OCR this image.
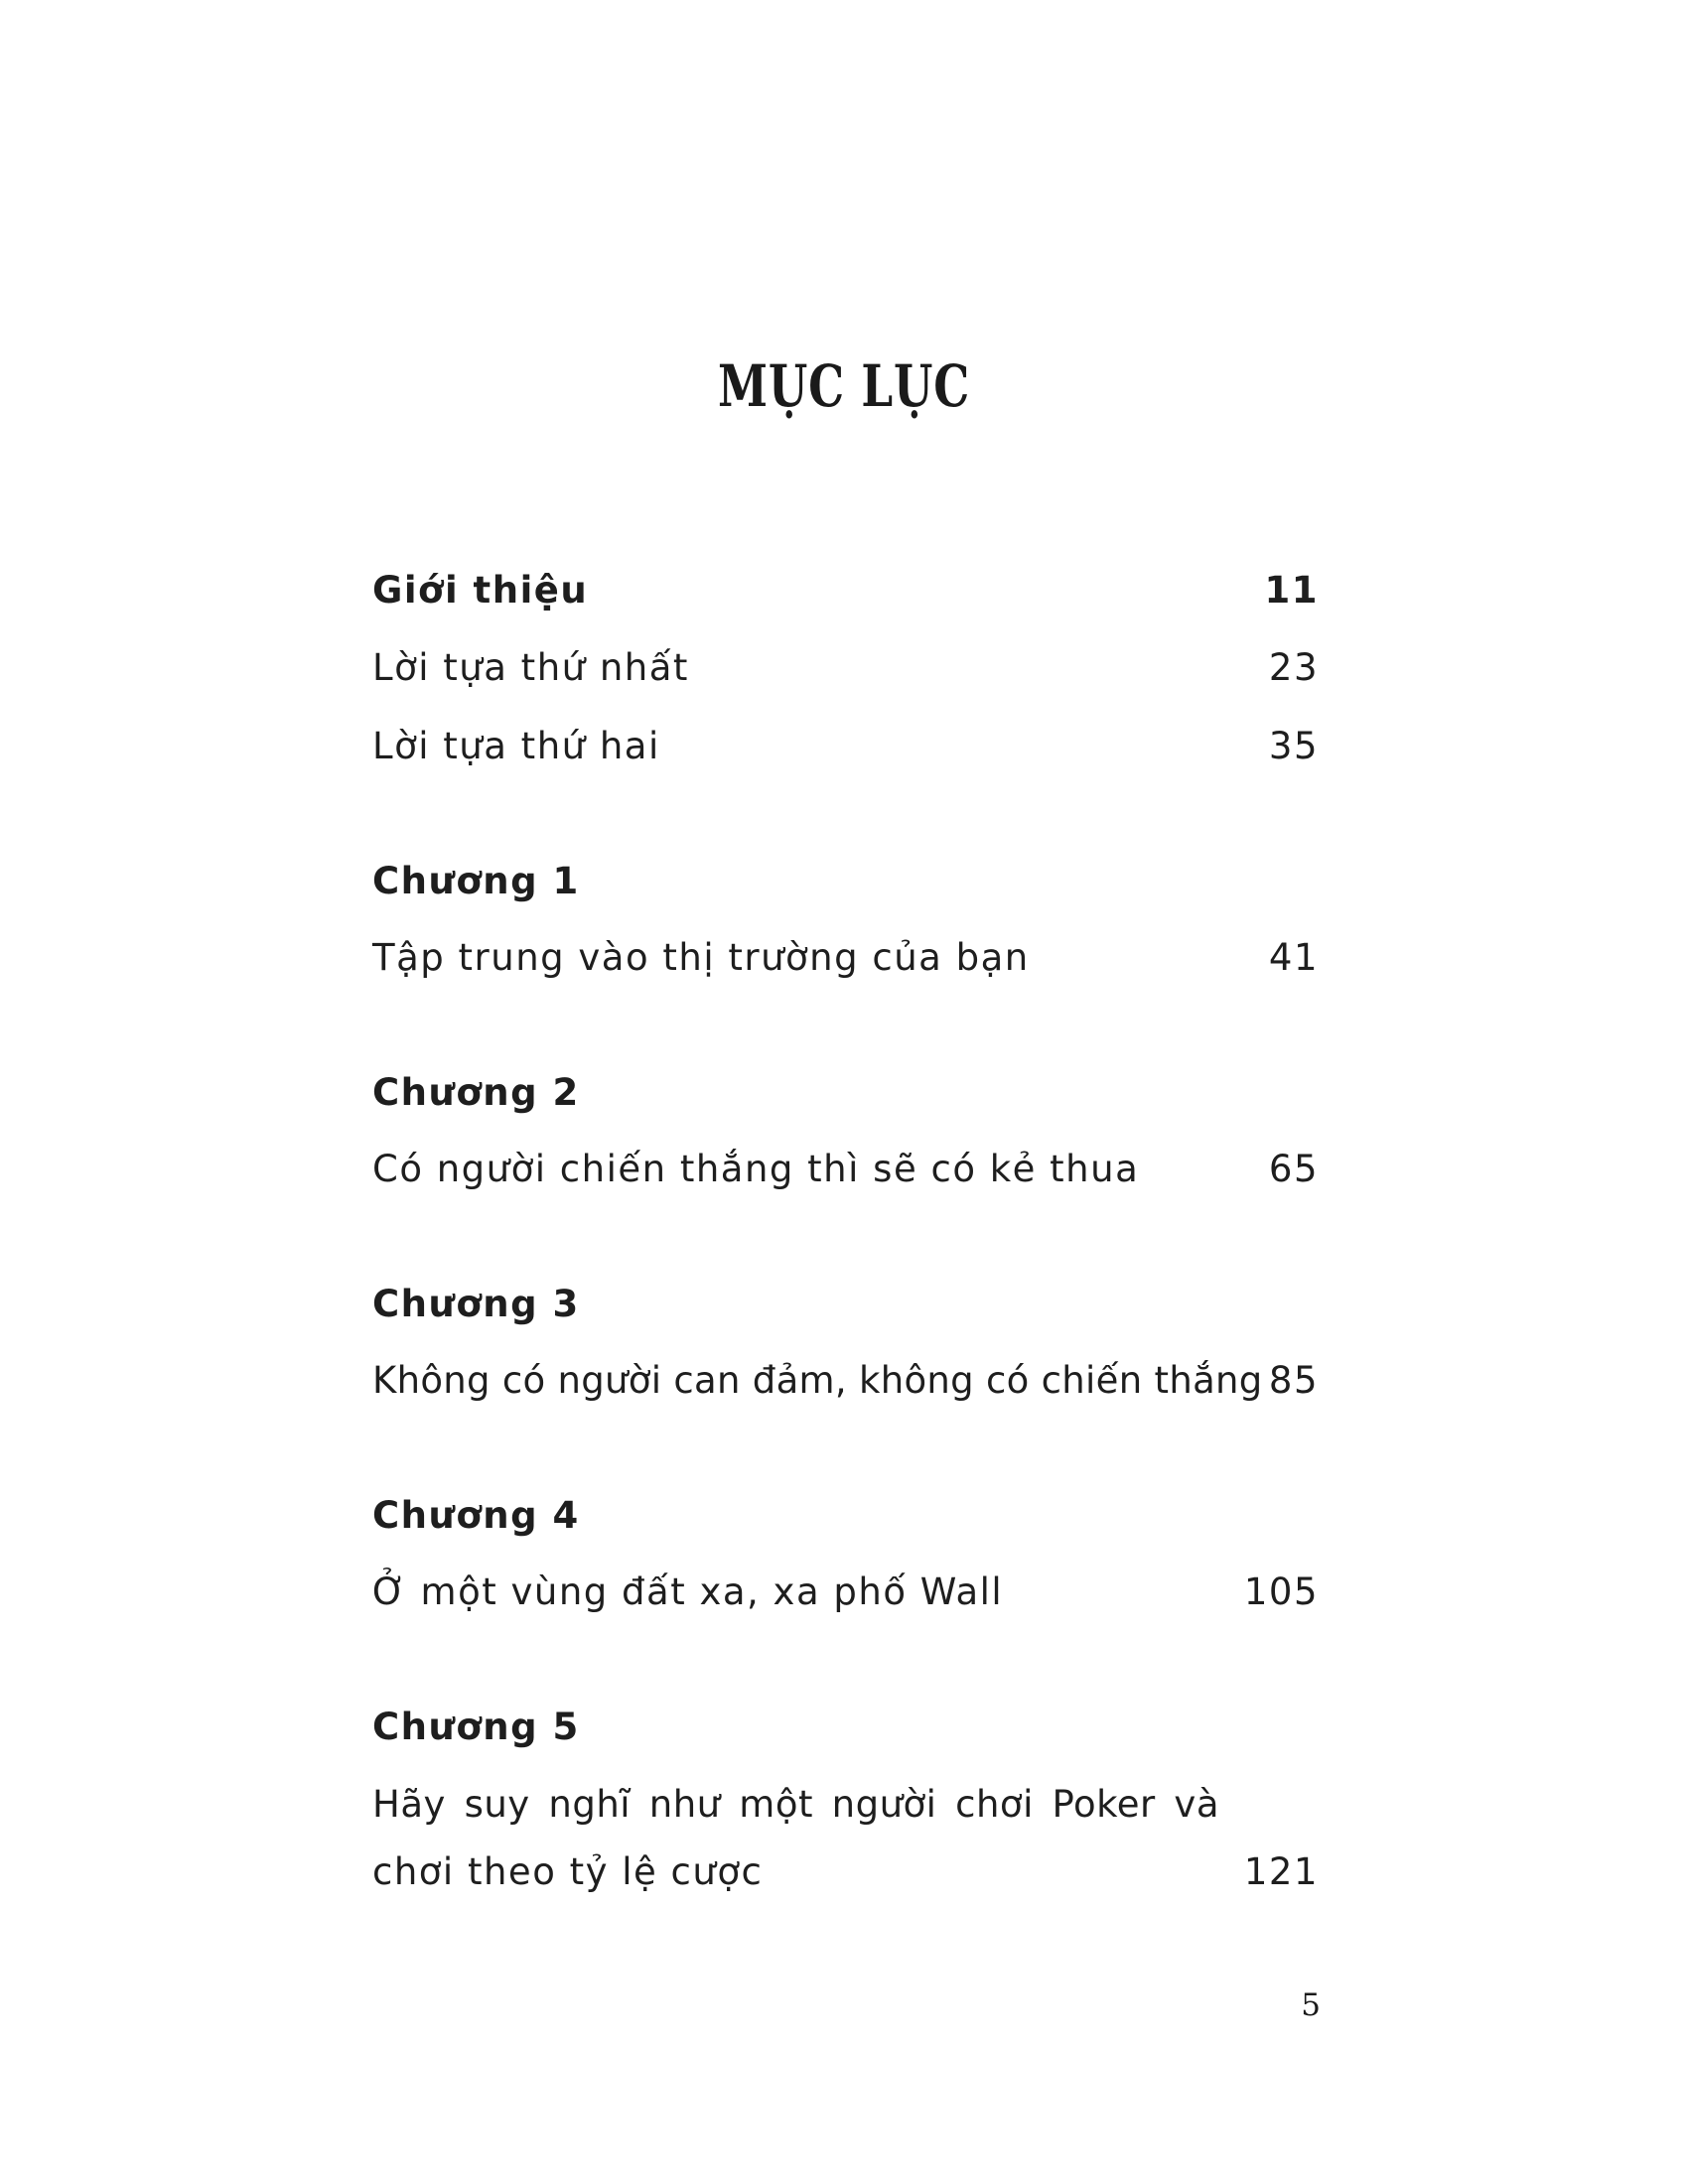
MỤC LỤC
Giới thiệu	11
Lời tựa thứ nhất	23
Lời tựa thứ hai	35
Chương 1
Tập trung vào thị trường của bạn	41
Chương 2
Có người chiến thắng thì sẽ có kẻ thua	65
Chương 3
Không có người can đảm, không có chiến thắng 85
Chương 4
Ở một vùng đất xa, xa phố Wall	105
Chương 5
Hãy suy nghĩ như một người chơi Poker và
chơi theo tỷ lệ cược	121
5
